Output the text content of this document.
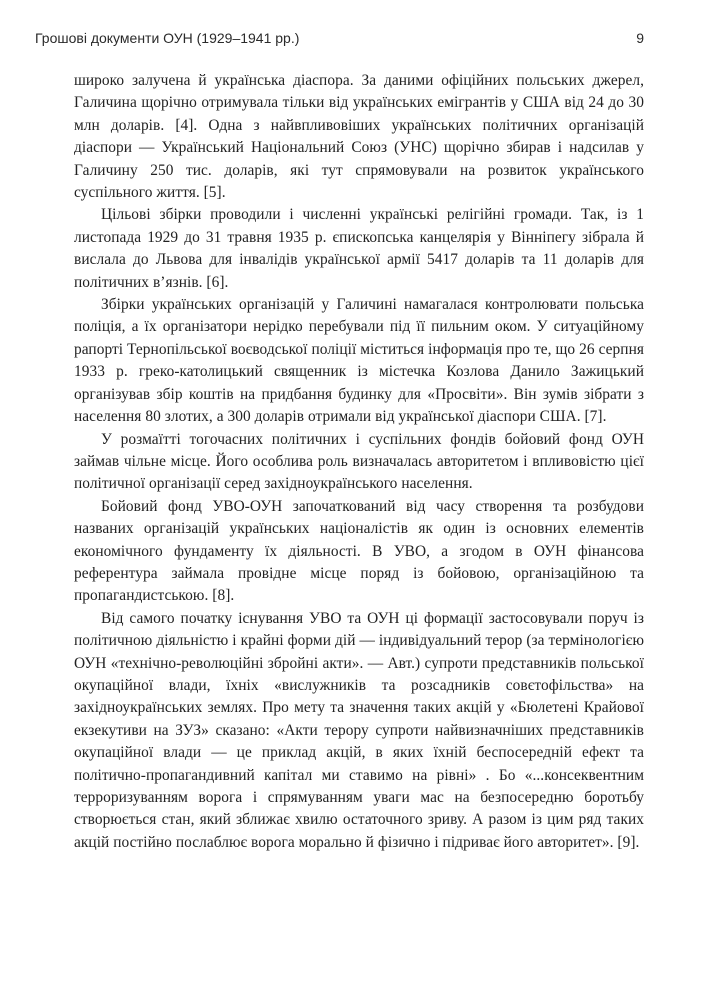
Грошові документи ОУН (1929–1941 рр.)	9

широко залучена й українська діаспора. За даними офіційних польських джерел, Галичина щорічно отримувала тільки від українських емігрантів у США від 24 до 30 млн доларів. [4]. Одна з найвпливовіших українських політичних організацій діаспори — Український Національний Союз (УНС) щорічно збирав і надсилав у Галичину 250 тис. доларів, які тут спрямовували на розвиток українського суспільного життя. [5].

Цільові збірки проводили і численні українські релігійні громади. Так, із 1 листопада 1929 до 31 травня 1935 р. єпископська канцелярія у Вінніпегу зібрала й вислала до Львова для інвалідів української армії 5417 доларів та 11 доларів для політичних в’язнів. [6].

Збірки українських організацій у Галичині намагалася контролювати польська поліція, а їх організатори нерідко перебували під її пильним оком. У ситуаційному рапорті Тернопільської воєводської поліції міститься інформація про те, що 26 серпня 1933 р. греко-католицький священник із містечка Козлова Данило Зажицький організував збір коштів на придбання будинку для «Просвіти». Він зумів зібрати з населення 80 злотих, а 300 доларів отримали від української діаспори США. [7].

У розмаїтті тогочасних політичних і суспільних фондів бойовий фонд ОУН займав чільне місце. Його особлива роль визначалась авторитетом і впливовістю цієї політичної організації серед західноукраїнського населення.

Бойовий фонд УВО-ОУН започаткований від часу створення та розбудови названих організацій українських націоналістів як один із основних елементів економічного фундаменту їх діяльності. В УВО, а згодом в ОУН фінансова референтура займала провідне місце поряд із бойовою, організаційною та пропагандистською. [8].

Від самого початку існування УВО та ОУН ці формації застосовували поруч із політичною діяльністю і крайні форми дій — індивідуальний терор (за термінологією ОУН «технічно-революційні збройні акти». — Авт.) супроти представників польської окупаційної влади, їхніх «вислужників та розсадників совєтофільства» на західноукраїнських землях. Про мету та значення таких акцій у «Бюлетені Крайової екзекутиви на ЗУЗ» сказано: «Акти терору супроти найвизначніших представників окупаційної влади — це приклад акцій, в яких їхній беспосередній ефект та політично-пропагандивний капітал ми ставимо на рівні» . Бо «...консеквентним терроризуванням ворога і спрямуванням уваги мас на безпосередню боротьбу створюється стан, який зближає хвилю остаточного зриву. А разом із цим ряд таких акцій постійно послаблює ворога морально й фізично і підриває його авторитет». [9].
